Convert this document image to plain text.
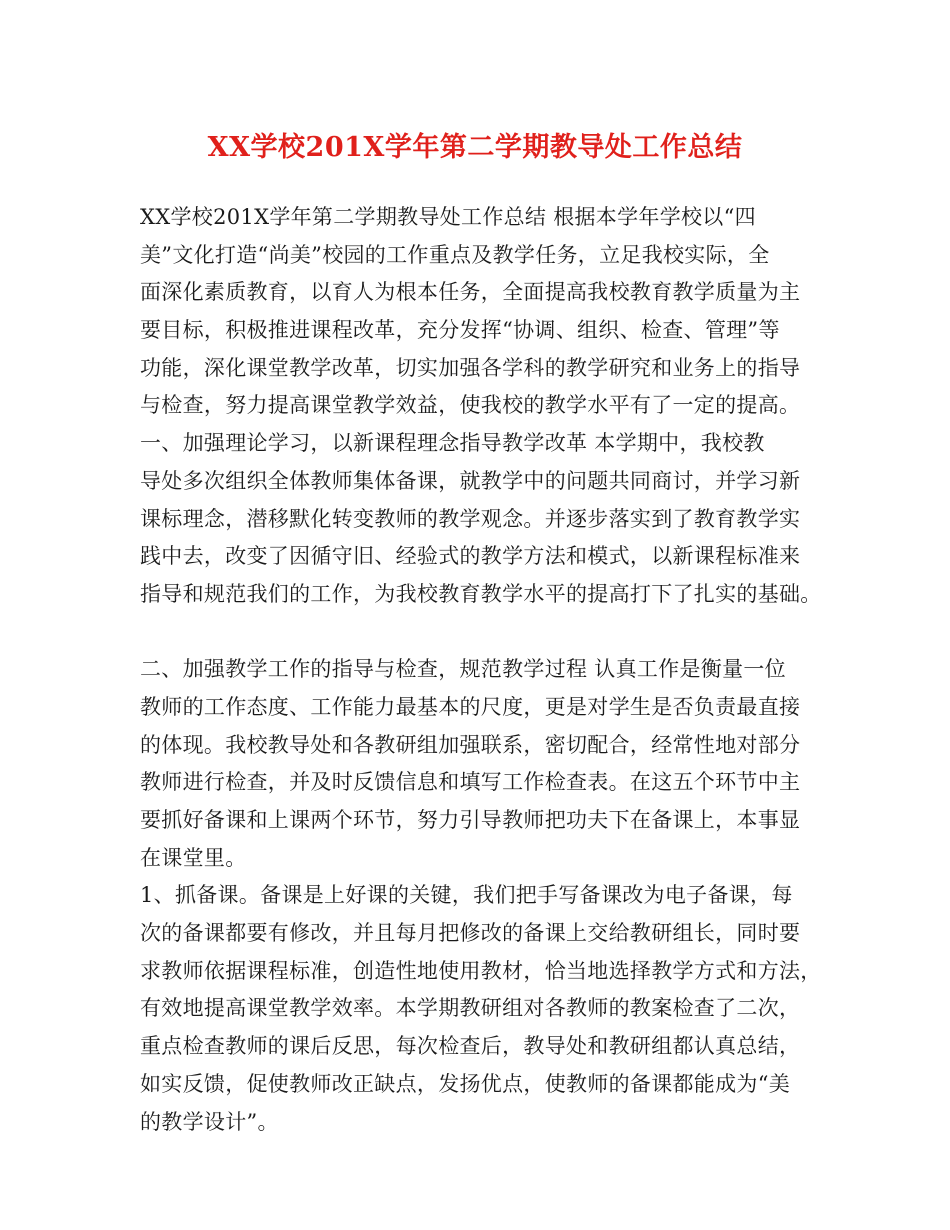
XX学校201X学年第二学期教导处工作总结
XX学校201X学年第二学期教导处工作总结 根据本学年学校以“四
美”文化打造“尚美”校园的工作重点及教学任务，立足我校实际，全
面深化素质教育，以育人为根本任务，全面提高我校教育教学质量为主
要目标，积极推进课程改革，充分发挥“协调、组织、检查、管理”等
功能，深化课堂教学改革，切实加强各学科的教学研究和业务上的指导
与检查，努力提高课堂教学效益，使我校的教学水平有了一定的提高。
一、加强理论学习，以新课程理念指导教学改革 本学期中，我校教
导处多次组织全体教师集体备课，就教学中的问题共同商讨，并学习新
课标理念，潜移默化转变教师的教学观念。并逐步落实到了教育教学实
践中去，改变了因循守旧、经验式的教学方法和模式，以新课程标准来
指导和规范我们的工作，为我校教育教学水平的提高打下了扎实的基础。
二、加强教学工作的指导与检查，规范教学过程 认真工作是衡量一位
教师的工作态度、工作能力最基本的尺度，更是对学生是否负责最直接
的体现。我校教导处和各教研组加强联系，密切配合，经常性地对部分
教师进行检查，并及时反馈信息和填写工作检查表。在这五个环节中主
要抓好备课和上课两个环节，努力引导教师把功夫下在备课上，本事显
在课堂里。
1、抓备课。备课是上好课的关键，我们把手写备课改为电子备课，每
次的备课都要有修改，并且每月把修改的备课上交给教研组长，同时要
求教师依据课程标准，创造性地使用教材，恰当地选择教学方式和方法，
有效地提高课堂教学效率。本学期教研组对各教师的教案检查了二次，
重点检查教师的课后反思，每次检查后，教导处和教研组都认真总结，
如实反馈，促使教师改正缺点，发扬优点，使教师的备课都能成为“美
的教学设计”。
